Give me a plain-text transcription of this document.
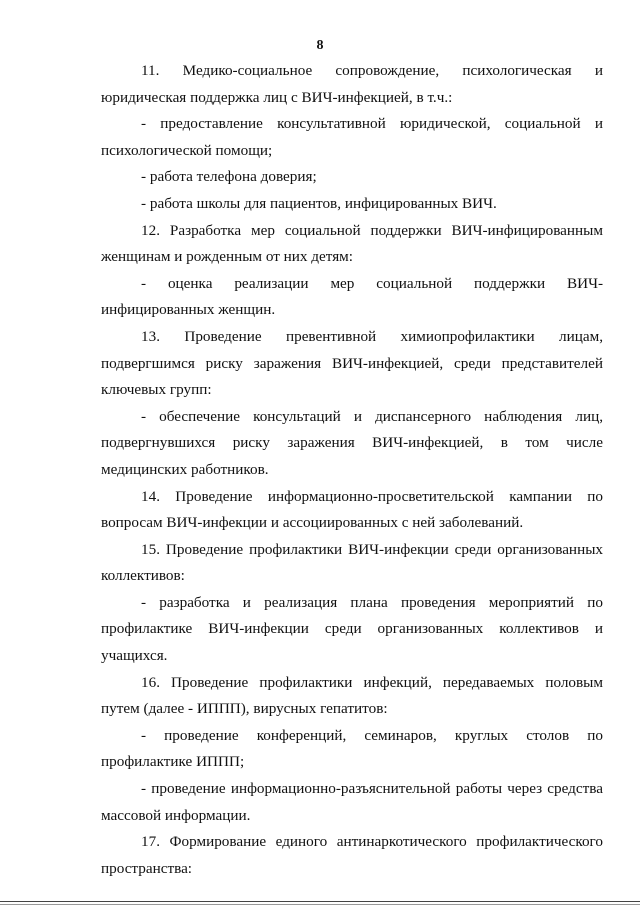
8

11. Медико-социальное сопровождение, психологическая и юридическая поддержка лиц с ВИЧ-инфекцией, в т.ч.:

- предоставление консультативной юридической, социальной и психологической помощи;

- работа телефона доверия;

- работа школы для пациентов, инфицированных ВИЧ.

12. Разработка мер социальной поддержки ВИЧ-инфицированным женщинам и рожденным от них детям:

- оценка реализации мер социальной поддержки ВИЧ-инфицированных женщин.

13. Проведение превентивной химиопрофилактики лицам, подвергшимся риску заражения ВИЧ-инфекцией, среди представителей ключевых групп:

- обеспечение консультаций и диспансерного наблюдения лиц, подвергнувшихся риску заражения ВИЧ-инфекцией, в том числе медицинских работников.

14. Проведение информационно-просветительской кампании по вопросам ВИЧ-инфекции и ассоциированных с ней заболеваний.

15. Проведение профилактики ВИЧ-инфекции среди организованных коллективов:

- разработка и реализация плана проведения мероприятий по профилактике ВИЧ-инфекции среди организованных коллективов и учащихся.

16. Проведение профилактики инфекций, передаваемых половым путем (далее - ИППП), вирусных гепатитов:

- проведение конференций, семинаров, круглых столов по профилактике ИППП;

- проведение информационно-разъяснительной работы через средства массовой информации.

17. Формирование единого антинаркотического профилактического пространства:
